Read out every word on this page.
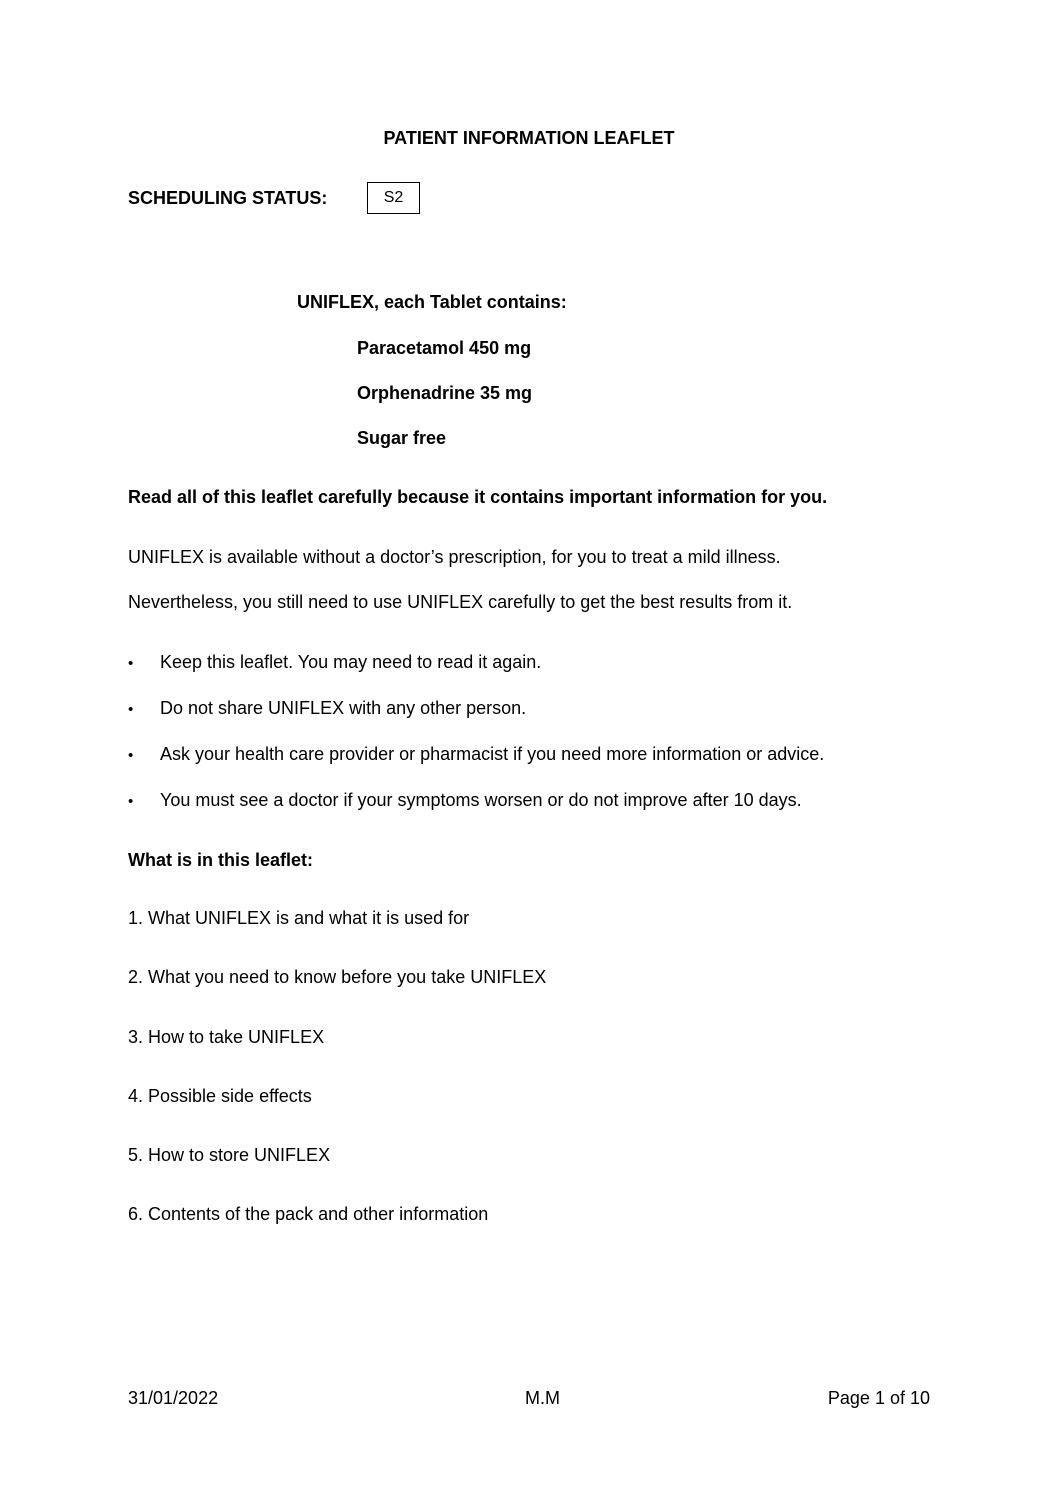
PATIENT INFORMATION LEAFLET
SCHEDULING STATUS:	S2
UNIFLEX, each Tablet contains:
Paracetamol 450 mg
Orphenadrine 35 mg
Sugar free
Read all of this leaflet carefully because it contains important information for you.
UNIFLEX is available without a doctor’s prescription, for you to treat a mild illness.
Nevertheless, you still need to use UNIFLEX carefully to get the best results from it.
•	Keep this leaflet. You may need to read it again.
•	Do not share UNIFLEX with any other person.
•	Ask your health care provider or pharmacist if you need more information or advice.
•	You must see a doctor if your symptoms worsen or do not improve after 10 days.
What is in this leaflet:
1. What UNIFLEX is and what it is used for
2. What you need to know before you take UNIFLEX
3. How to take UNIFLEX
4. Possible side effects
5. How to store UNIFLEX
6. Contents of the pack and other information
31/01/2022	M.M	Page 1 of 10
